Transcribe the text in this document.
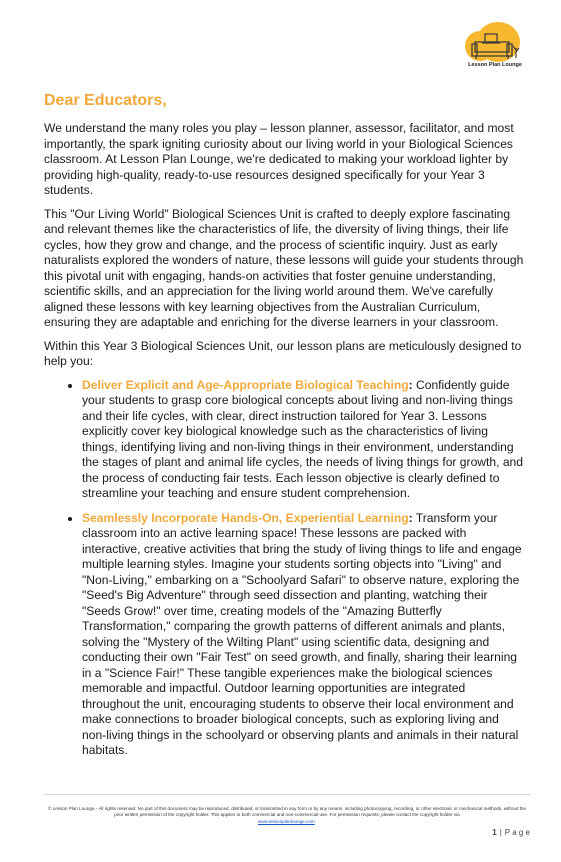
Lesson Plan Lounge
Dear Educators,

We understand the many roles you play – lesson planner, assessor, facilitator, and most importantly, the spark igniting curiosity about our living world in your Biological Sciences classroom. At Lesson Plan Lounge, we're dedicated to making your workload lighter by providing high-quality, ready-to-use resources designed specifically for your Year 3 students.

This "Our Living World" Biological Sciences Unit is crafted to deeply explore fascinating and relevant themes like the characteristics of life, the diversity of living things, their life cycles, how they grow and change, and the process of scientific inquiry. Just as early naturalists explored the wonders of nature, these lessons will guide your students through this pivotal unit with engaging, hands-on activities that foster genuine understanding, scientific skills, and an appreciation for the living world around them. We've carefully aligned these lessons with key learning objectives from the Australian Curriculum, ensuring they are adaptable and enriching for the diverse learners in your classroom.

Within this Year 3 Biological Sciences Unit, our lesson plans are meticulously designed to help you:

• Deliver Explicit and Age-Appropriate Biological Teaching: Confidently guide your students to grasp core biological concepts about living and non-living things and their life cycles, with clear, direct instruction tailored for Year 3. Lessons explicitly cover key biological knowledge such as the characteristics of living things, identifying living and non-living things in their environment, understanding the stages of plant and animal life cycles, the needs of living things for growth, and the process of conducting fair tests. Each lesson objective is clearly defined to streamline your teaching and ensure student comprehension.
• Seamlessly Incorporate Hands-On, Experiential Learning: Transform your classroom into an active learning space! These lessons are packed with interactive, creative activities that bring the study of living things to life and engage multiple learning styles. Imagine your students sorting objects into "Living" and "Non-Living," embarking on a "Schoolyard Safari" to observe nature, exploring the "Seed's Big Adventure" through seed dissection and planting, watching their "Seeds Grow!" over time, creating models of the "Amazing Butterfly Transformation," comparing the growth patterns of different animals and plants, solving the "Mystery of the Wilting Plant" using scientific data, designing and conducting their own "Fair Test" on seed growth, and finally, sharing their learning in a "Science Fair!" These tangible experiences make the biological sciences memorable and impactful. Outdoor learning opportunities are integrated throughout the unit, encouraging students to observe their local environment and make connections to broader biological concepts, such as exploring living and non-living things in the schoolyard or observing plants and animals in their natural habitats.
© Lesson Plan Lounge - All rights reserved. No part of this document may be reproduced, distributed, or transmitted in any form or by any means, including photocopying, recording, or other electronic or mechanical methods, without the prior written permission of the copyright holder. This applies to both commercial and non-commercial use. For permission requests, please contact the copyright holder via
www.lessonplanlounge.com.
1 | P a g e
